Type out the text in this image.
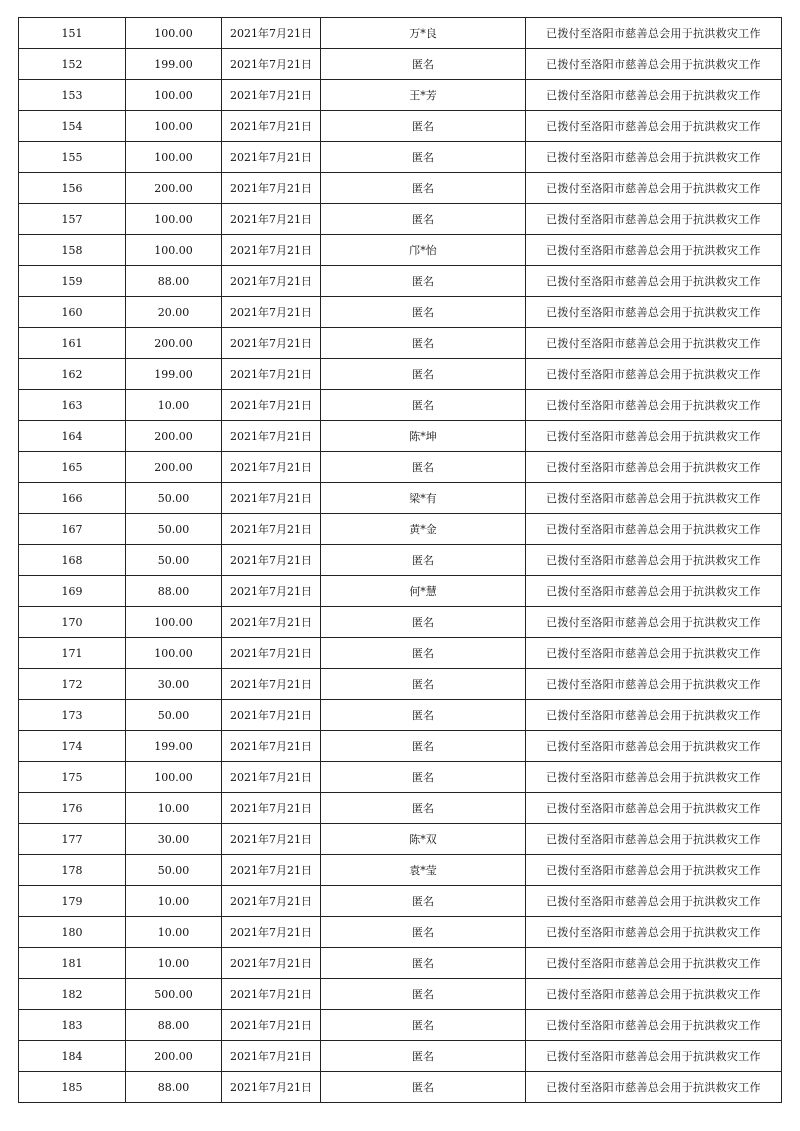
151	100.00	2021年7月21日	万*良	已拨付至洛阳市慈善总会用于抗洪救灾工作
152	199.00	2021年7月21日	匿名	已拨付至洛阳市慈善总会用于抗洪救灾工作
153	100.00	2021年7月21日	王*芳	已拨付至洛阳市慈善总会用于抗洪救灾工作
154	100.00	2021年7月21日	匿名	已拨付至洛阳市慈善总会用于抗洪救灾工作
155	100.00	2021年7月21日	匿名	已拨付至洛阳市慈善总会用于抗洪救灾工作
156	200.00	2021年7月21日	匿名	已拨付至洛阳市慈善总会用于抗洪救灾工作
157	100.00	2021年7月21日	匿名	已拨付至洛阳市慈善总会用于抗洪救灾工作
158	100.00	2021年7月21日	邝*怡	已拨付至洛阳市慈善总会用于抗洪救灾工作
159	88.00	2021年7月21日	匿名	已拨付至洛阳市慈善总会用于抗洪救灾工作
160	20.00	2021年7月21日	匿名	已拨付至洛阳市慈善总会用于抗洪救灾工作
161	200.00	2021年7月21日	匿名	已拨付至洛阳市慈善总会用于抗洪救灾工作
162	199.00	2021年7月21日	匿名	已拨付至洛阳市慈善总会用于抗洪救灾工作
163	10.00	2021年7月21日	匿名	已拨付至洛阳市慈善总会用于抗洪救灾工作
164	200.00	2021年7月21日	陈*坤	已拨付至洛阳市慈善总会用于抗洪救灾工作
165	200.00	2021年7月21日	匿名	已拨付至洛阳市慈善总会用于抗洪救灾工作
166	50.00	2021年7月21日	梁*有	已拨付至洛阳市慈善总会用于抗洪救灾工作
167	50.00	2021年7月21日	黄*金	已拨付至洛阳市慈善总会用于抗洪救灾工作
168	50.00	2021年7月21日	匿名	已拨付至洛阳市慈善总会用于抗洪救灾工作
169	88.00	2021年7月21日	何*慧	已拨付至洛阳市慈善总会用于抗洪救灾工作
170	100.00	2021年7月21日	匿名	已拨付至洛阳市慈善总会用于抗洪救灾工作
171	100.00	2021年7月21日	匿名	已拨付至洛阳市慈善总会用于抗洪救灾工作
172	30.00	2021年7月21日	匿名	已拨付至洛阳市慈善总会用于抗洪救灾工作
173	50.00	2021年7月21日	匿名	已拨付至洛阳市慈善总会用于抗洪救灾工作
174	199.00	2021年7月21日	匿名	已拨付至洛阳市慈善总会用于抗洪救灾工作
175	100.00	2021年7月21日	匿名	已拨付至洛阳市慈善总会用于抗洪救灾工作
176	10.00	2021年7月21日	匿名	已拨付至洛阳市慈善总会用于抗洪救灾工作
177	30.00	2021年7月21日	陈*双	已拨付至洛阳市慈善总会用于抗洪救灾工作
178	50.00	2021年7月21日	袁*莹	已拨付至洛阳市慈善总会用于抗洪救灾工作
179	10.00	2021年7月21日	匿名	已拨付至洛阳市慈善总会用于抗洪救灾工作
180	10.00	2021年7月21日	匿名	已拨付至洛阳市慈善总会用于抗洪救灾工作
181	10.00	2021年7月21日	匿名	已拨付至洛阳市慈善总会用于抗洪救灾工作
182	500.00	2021年7月21日	匿名	已拨付至洛阳市慈善总会用于抗洪救灾工作
183	88.00	2021年7月21日	匿名	已拨付至洛阳市慈善总会用于抗洪救灾工作
184	200.00	2021年7月21日	匿名	已拨付至洛阳市慈善总会用于抗洪救灾工作
185	88.00	2021年7月21日	匿名	已拨付至洛阳市慈善总会用于抗洪救灾工作
